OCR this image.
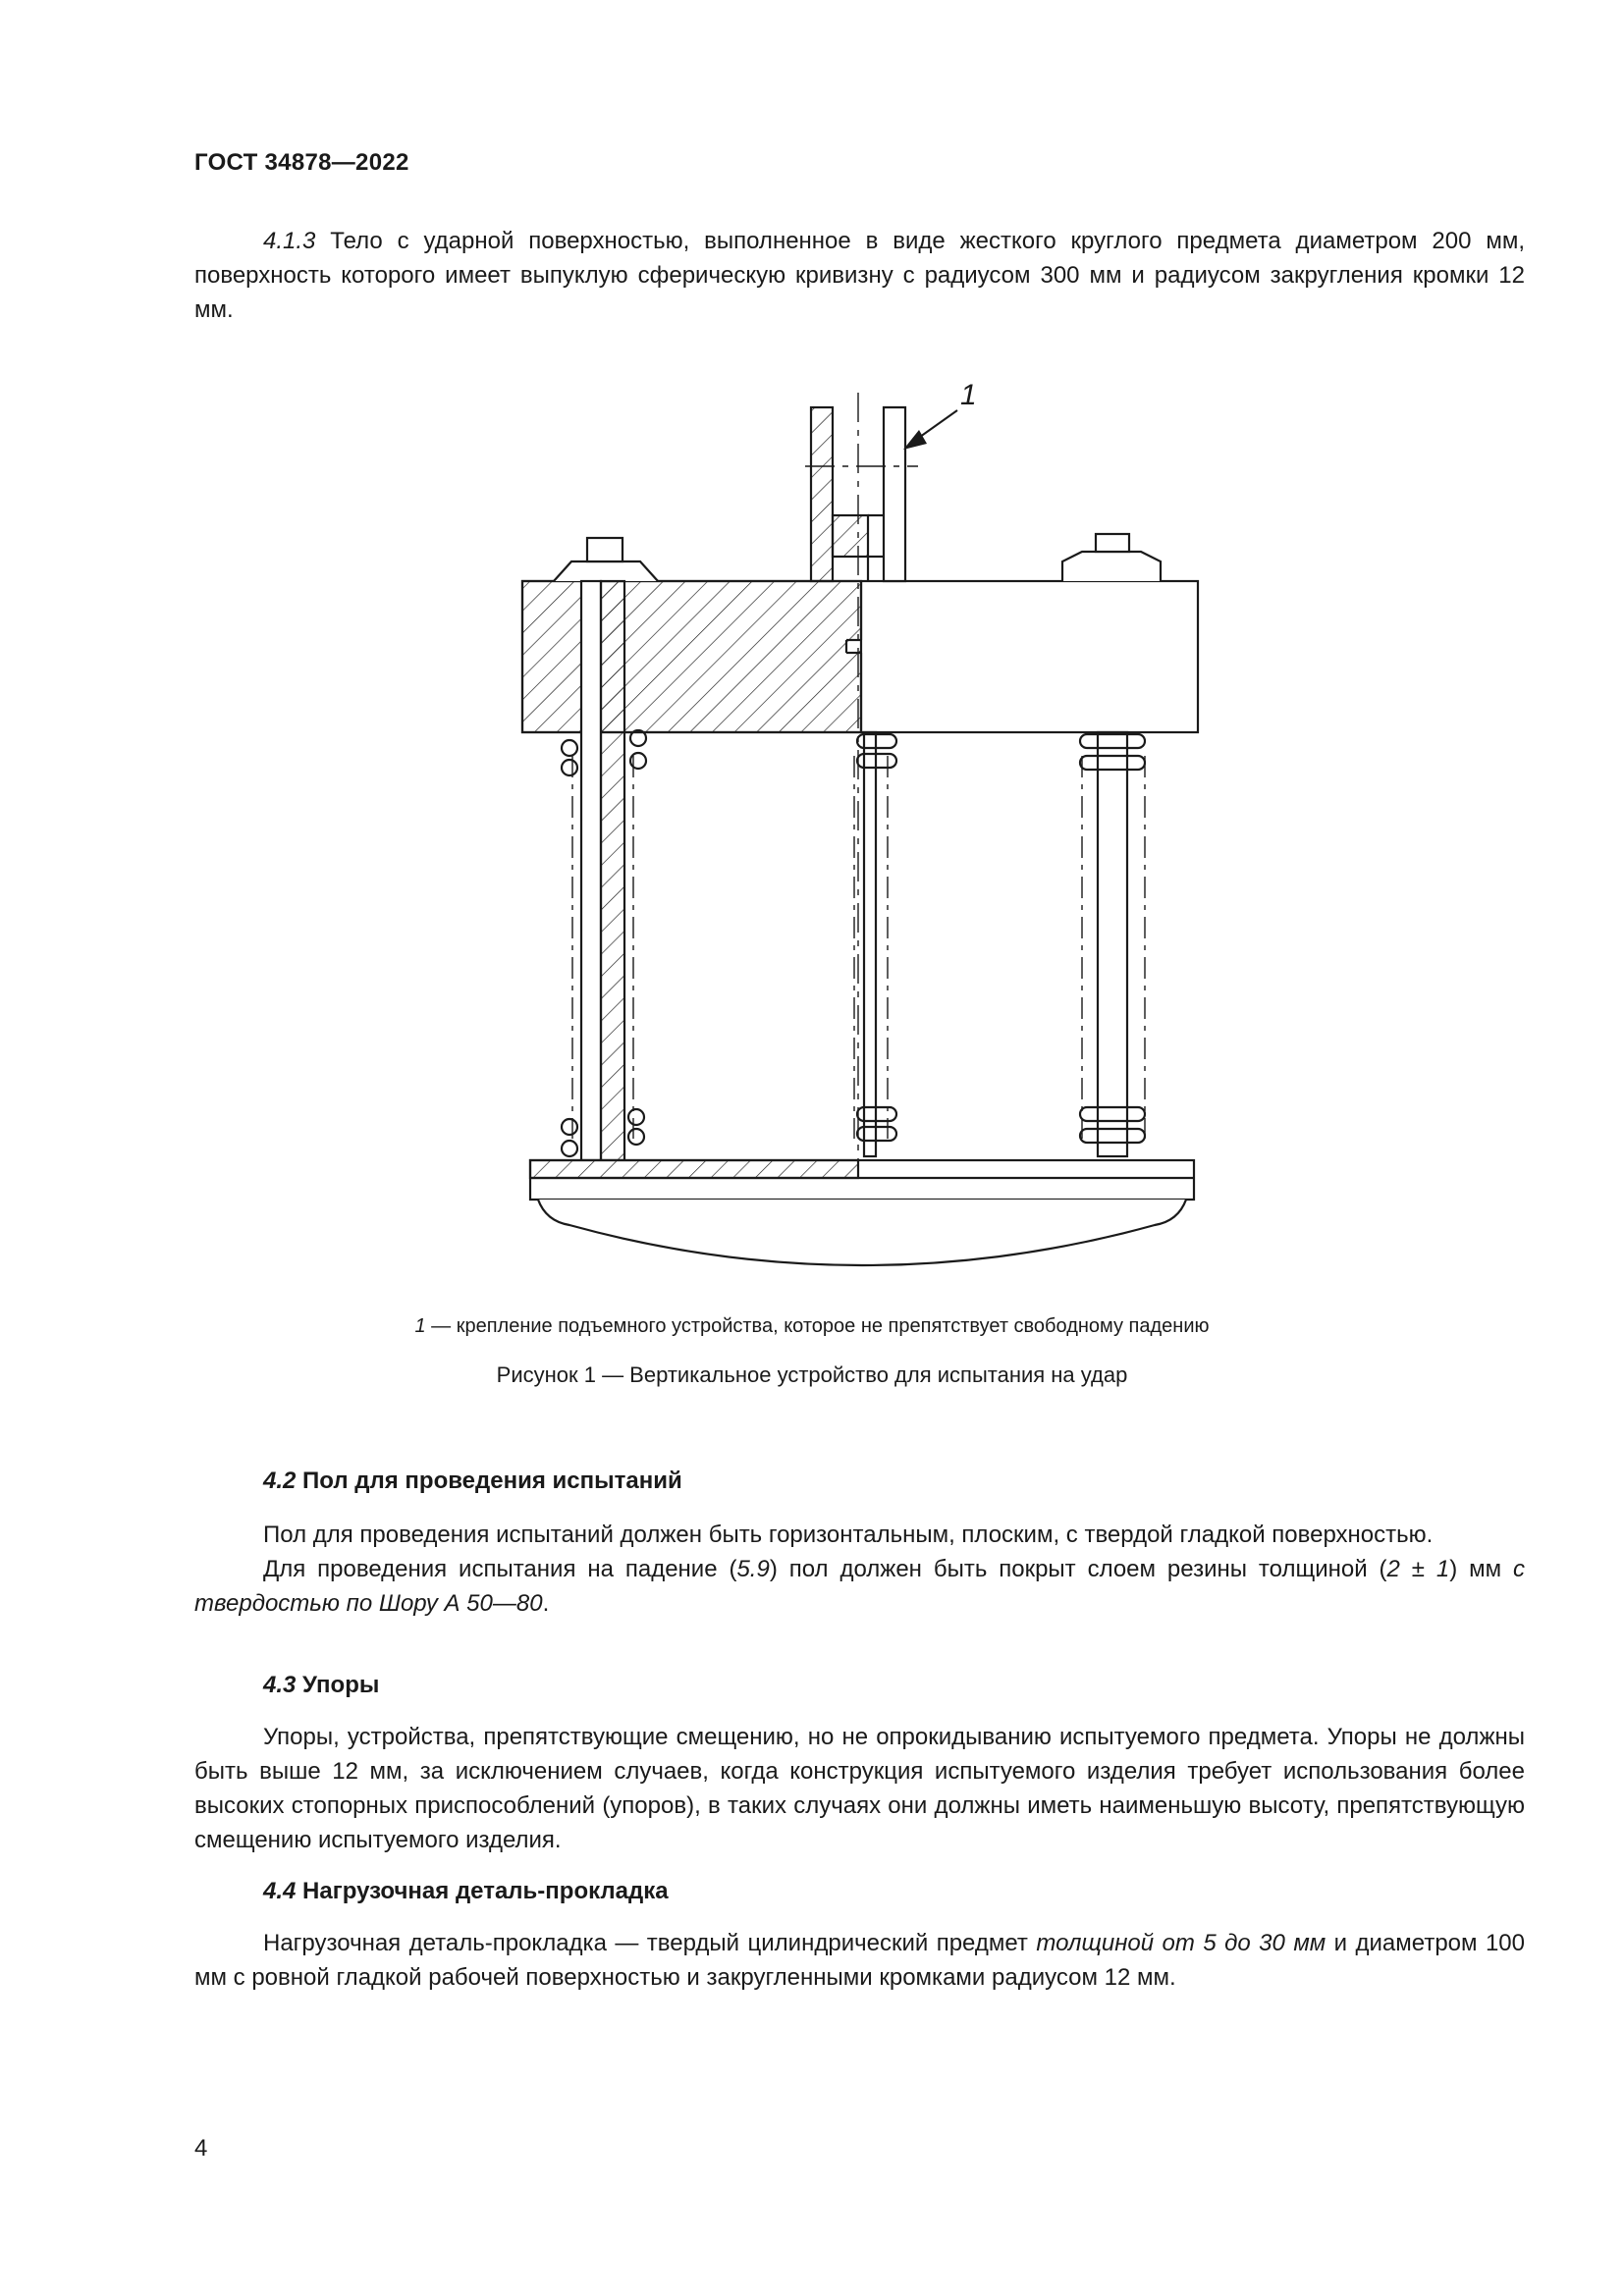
ГОСТ 34878—2022

4.1.3 Тело с ударной поверхностью, выполненное в виде жесткого круглого предмета диаметром 200 мм, поверхность которого имеет выпуклую сферическую кривизну с радиусом 300 мм и радиусом закругления кромки 12 мм.

1
1 — крепление подъемного устройства, которое не препятствует свободному падению
Рисунок 1 — Вертикальное устройство для испытания на удар
4.2 Пол для проведения испытаний

Пол для проведения испытаний должен быть горизонтальным, плоским, с твердой гладкой поверхностью.

Для проведения испытания на падение (5.9) пол должен быть покрыт слоем резины толщиной (2 ± 1) мм с твердостью по Шору А 50—80.

4.3 Упоры

Упоры, устройства, препятствующие смещению, но не опрокидыванию испытуемого предмета. Упоры не должны быть выше 12 мм, за исключением случаев, когда конструкция испытуемого изделия требует использования более высоких стопорных приспособлений (упоров), в таких случаях они должны иметь наименьшую высоту, препятствующую смещению испытуемого изделия.

4.4 Нагрузочная деталь-прокладка

Нагрузочная деталь-прокладка — твердый цилиндрический предмет толщиной от 5 до 30 мм и диаметром 100 мм с ровной гладкой рабочей поверхностью и закругленными кромками радиусом 12 мм.

4
